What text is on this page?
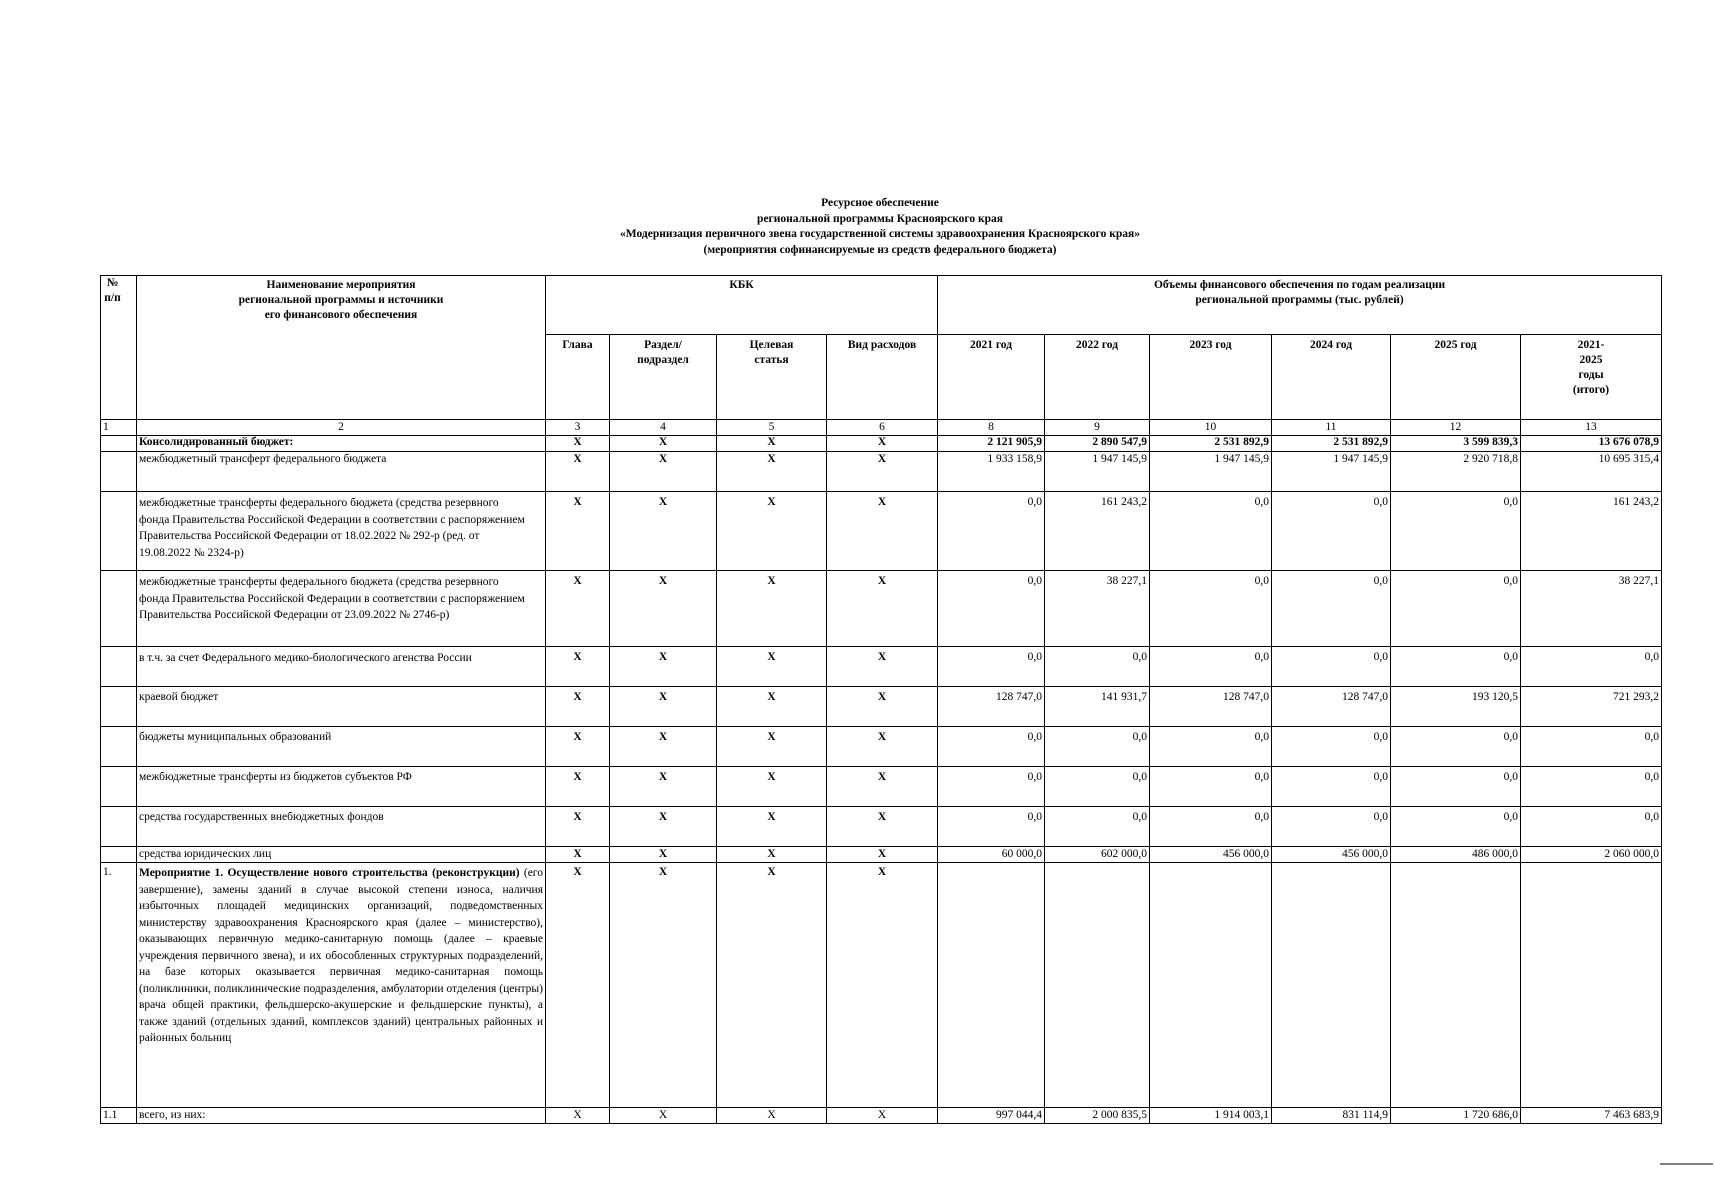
Ресурсное обеспечение
региональной программы Красноярского края
«Модернизация первичного звена государственной системы здравоохранения Красноярского края»
(мероприятия софинансируемые из средств федерального бюджета)
№ п/п	Наименование мероприятия региональной программы и источники его финансового обеспечения	КБК				Объемы финансового обеспечения по годам реализации региональной программы (тыс. рублей)					
		Глава	Раздел/ подраздел	Целевая статья	Вид расходов	2021 год	2022 год	2023 год	2024 год	2025 год	2021-2025 годы (итого)
1	2	3	4	5	6	8	9	10	11	12	13
	Консолидированный бюджет:	X	X	X	X	2 121 905,9	2 890 547,9	2 531 892,9	2 531 892,9	3 599 839,3	13 676 078,9
	межбюджетный трансферт федерального бюджета	X	X	X	X	1 933 158,9	1 947 145,9	1 947 145,9	1 947 145,9	2 920 718,8	10 695 315,4
	межбюджетные трансферты федерального бюджета (средства резервного фонда Правительства Российской Федерации в соответствии с распоряжением Правительства Российской Федерации от 18.02.2022 № 292-р (ред. от 19.08.2022 № 2324-р)	X	X	X	X	0,0	161 243,2	0,0	0,0	0,0	161 243,2
	межбюджетные трансферты федерального бюджета (средства резервного фонда Правительства Российской Федерации в соответствии с распоряжением Правительства Российской Федерации от 23.09.2022 № 2746-р)	X	X	X	X	0,0	38 227,1	0,0	0,0	0,0	38 227,1
	в т.ч. за счет Федерального медико-биологического агенства России	X	X	X	X	0,0	0,0	0,0	0,0	0,0	0,0
	краевой бюджет	X	X	X	X	128 747,0	141 931,7	128 747,0	128 747,0	193 120,5	721 293,2
	бюджеты муниципальных образований	X	X	X	X	0,0	0,0	0,0	0,0	0,0	0,0
	межбюджетные трансферты из бюджетов субъектов РФ	X	X	X	X	0,0	0,0	0,0	0,0	0,0	0,0
	средства государственных внебюджетных фондов	X	X	X	X	0,0	0,0	0,0	0,0	0,0	0,0
	средства юридических лиц	X	X	X	X	60 000,0	602 000,0	456 000,0	456 000,0	486 000,0	2 060 000,0
1.	Мероприятие 1. Осуществление нового строительства (реконструкции) (его завершение), замены зданий в случае высокой степени износа, наличия избыточных площадей медицинских организаций, подведомственных министерству здравоохранения Красноярского края (далее – министерство), оказывающих первичную медико-санитарную помощь (далее – краевые учреждения первичного звена), и их обособленных структурных подразделений, на базе которых оказывается первичная медико-санитарная помощь (поликлиники, поликлинические подразделения, амбулатории отделения (центры) врача общей практики, фельдшерско-акушерские и фельдшерские пункты), а также зданий (отдельных зданий, комплексов зданий) центральных районных и районных больниц	X	X	X	X						
1.1	всего, из них:	X	X	X	X	997 044,4	2 000 835,5	1 914 003,1	831 114,9	1 720 686,0	7 463 683,9
